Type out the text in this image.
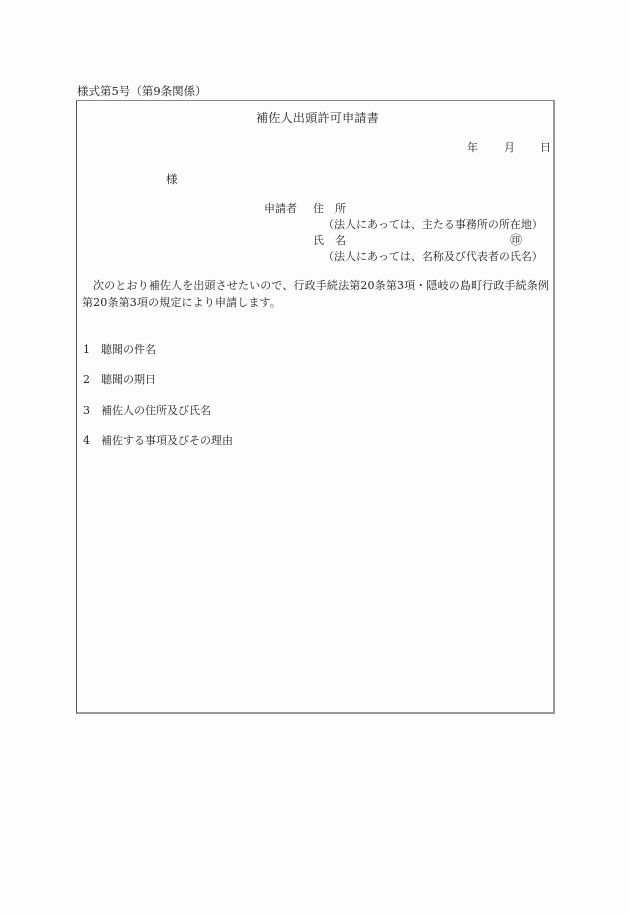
様式第5号（第9条関係）
補佐人出頭許可申請書
年 月 日
様
申請者 住　所
（法人にあっては、主たる事務所の所在地）
氏　名	㊞
（法人にあっては、名称及び代表者の氏名）
次のとおり補佐人を出頭させたいので、行政手続法第20条第3項・隠岐の島町行政手続条例第20条第3項の規定により申請します。
1 聴聞の件名
2 聴聞の期日
3 補佐人の住所及び氏名
4 補佐する事項及びその理由
